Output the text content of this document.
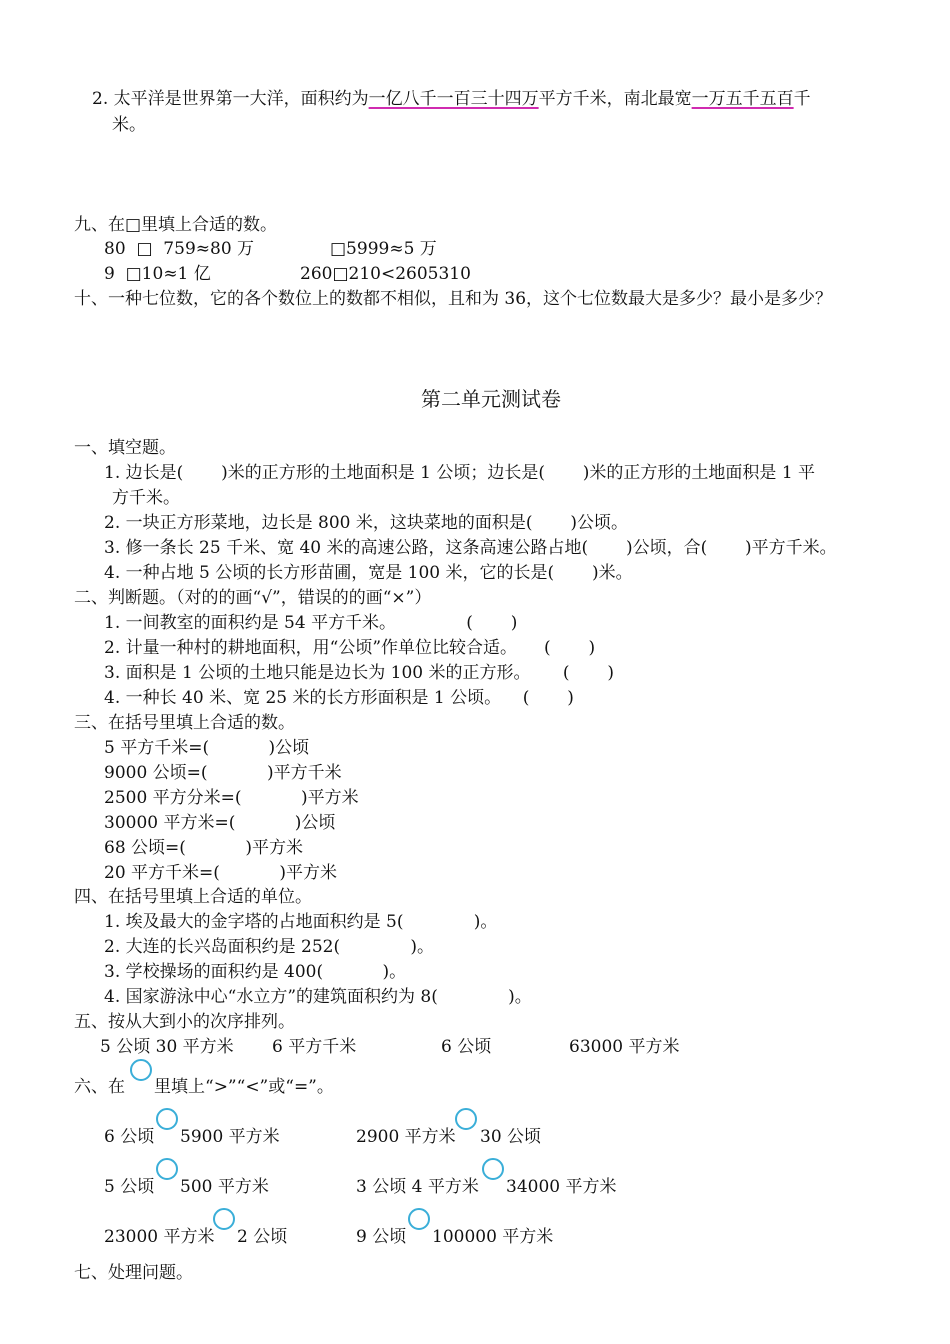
2. 太平洋是世界第一大洋，面积约为一亿八千一百三十四万平方千米，南北最宽一万五千五百千
米。
九、在□里填上合适的数。
80  □  759≈80 万	□5999≈5 万
9  □10≈1 亿	260□210<2605310
十、一种七位数，它的各个数位上的数都不相似，且和为 36，这个七位数最大是多少？最小是多少？
第二单元测试卷
一、填空题。
1. 边长是(       )米的正方形的土地面积是 1 公顷；边长是(       )米的正方形的土地面积是 1 平
方千米。
2. 一块正方形菜地，边长是 800 米，这块菜地的面积是(       )公顷。
3. 修一条长 25 千米、宽 40 米的高速公路，这条高速公路占地(       )公顷，合(       )平方千米。
4. 一种占地 5 公顷的长方形苗圃，宽是 100 米，它的长是(       )米。
二、判断题。（对的的画“√”，错误的的画“×”）
1. 一间教室的面积约是 54 平方千米。             (       )
2. 计量一种村的耕地面积，用“公顷”作单位比较合适。     (       )
3. 面积是 1 公顷的土地只能是边长为 100 米的正方形。      (       )
4. 一种长 40 米、宽 25 米的长方形面积是 1 公顷。    (       )
三、在括号里填上合适的数。
5 平方千米=(           )公顷
9000 公顷=(           )平方千米
2500 平方分米=(           )平方米
30000 平方米=(           )公顷
68 公顷=(           )平方米
20 平方千米=(           )平方米
四、在括号里填上合适的单位。
1. 埃及最大的金字塔的占地面积约是 5(             )。
2. 大连的长兴岛面积约是 252(             )。
3. 学校操场的面积约是 400(           )。
4. 国家游泳中心“水立方”的建筑面积约为 8(             )。
五、按从大到小的次序排列。
5 公顷 30 平方米 6 平方千米	6 公顷	63000 平方米
六、在 里填上“>”“<”或“=”。
6 公顷 5900 平方米	2900 平方米 30 公顷
5 公顷 500 平方米	3 公顷 4 平方米 34000 平方米
23000 平方米 2 公顷	9 公顷 100000 平方米
七、处理问题。
